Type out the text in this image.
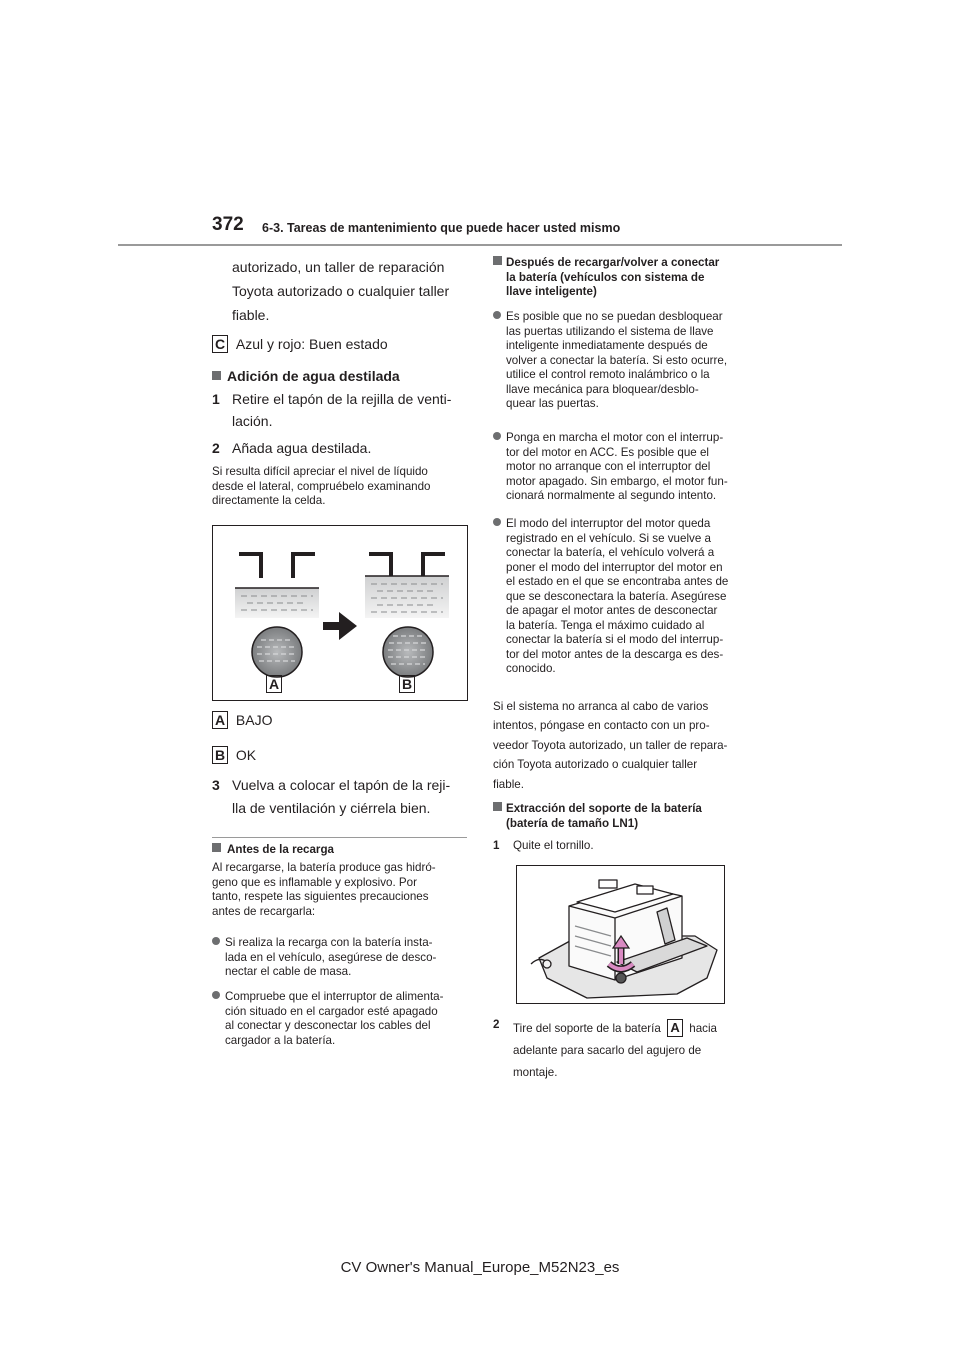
372 6-3. Tareas de mantenimiento que puede hacer usted mismo

autorizado, un taller de reparación

Toyota autorizado o cualquier taller

fiable.

C Azul y rojo: Buen estado
Adición de agua destilada
1 Retire el tapón de la rejilla de venti-
lación.
2 Añada agua destilada.
Si resulta difícil apreciar el nivel de líquido
desde el lateral, compruébelo examinando
directamente la celda.
A	B
A BAJO
B OK
3 Vuelva a colocar el tapón de la reji-
lla de ventilación y ciérrela bien.
Antes de la recarga
Al recargarse, la batería produce gas hidró-
geno que es inflamable y explosivo. Por
tanto, respete las siguientes precauciones
antes de recargarla:
Si realiza la recarga con la batería insta-
lada en el vehículo, asegúrese de desco-
nectar el cable de masa.
Compruebe que el interruptor de alimenta-
ción situado en el cargador esté apagado
al conectar y desconectar los cables del
cargador a la batería.
Después de recargar/volver a conectar
la batería (vehículos con sistema de
llave inteligente)
Es posible que no se puedan desbloquear
las puertas utilizando el sistema de llave
inteligente inmediatamente después de
volver a conectar la batería. Si esto ocurre,
utilice el control remoto inalámbrico o la
llave mecánica para bloquear/desblo-
quear las puertas.
Ponga en marcha el motor con el interrup-
tor del motor en ACC. Es posible que el
motor no arranque con el interruptor del
motor apagado. Sin embargo, el motor fun-
cionará normalmente al segundo intento.
El modo del interruptor del motor queda
registrado en el vehículo. Si se vuelve a
conectar la batería, el vehículo volverá a
poner el modo del interruptor del motor en
el estado en el que se encontraba antes de
que se desconectara la batería. Asegúrese
de apagar el motor antes de desconectar
la batería. Tenga el máximo cuidado al
conectar la batería si el modo del interrup-
tor del motor antes de la descarga es des-
conocido.
Si el sistema no arranca al cabo de varios
intentos, póngase en contacto con un pro-
veedor Toyota autorizado, un taller de repara-
ción Toyota autorizado o cualquier taller
fiable.
Extracción del soporte de la batería
(batería de tamaño LN1)
1 Quite el tornillo.
2 Tire del soporte de la batería A hacia
adelante para sacarlo del agujero de
montaje.
CV Owner's Manual_Europe_M52N23_es
